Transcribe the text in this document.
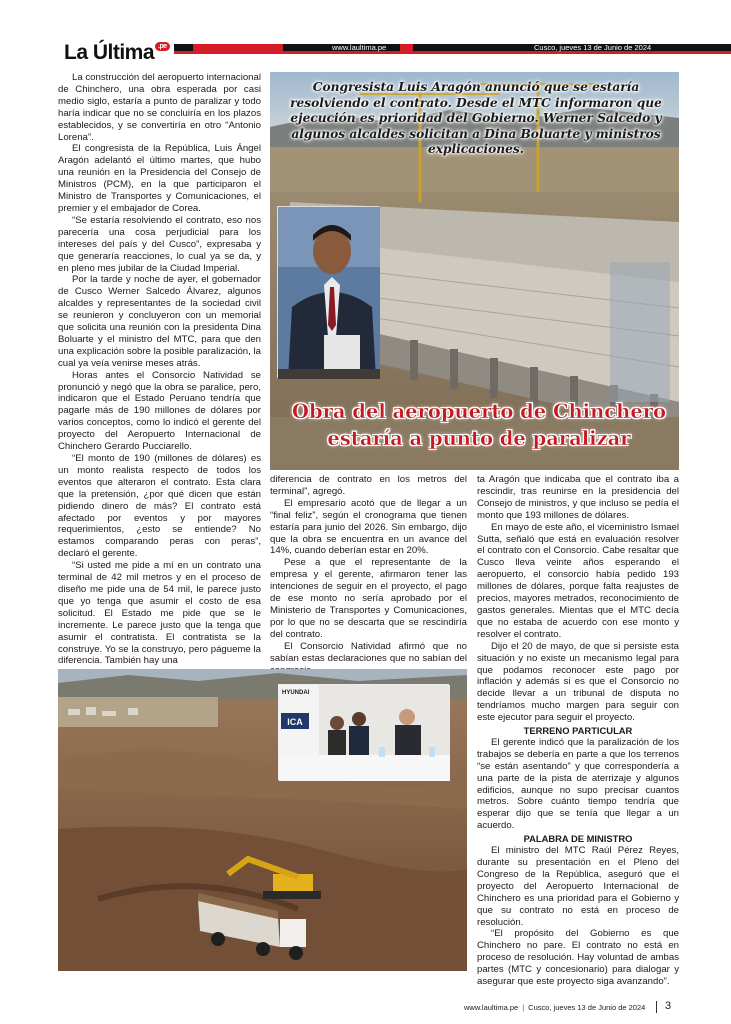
La Última .pe	www.laultima.pe	Cusco, jueves 13 de Junio de 2024

La construcción del aeropuerto internacional de Chinchero, una obra esperada por casi medio siglo, estaría a punto de paralizar y todo haría indicar que no se concluiría en los plazos establecidos, y se convertiría en otro “Antonio Lorena”.

El congresista de la República, Luis Ángel Aragón adelantó el último martes, que hubo una reunión en la Presidencia del Consejo de Ministros (PCM), en la que participaron el Ministro de Transportes y Comunicaciones, el premier y el embajador de Corea.

“Se estaría resolviendo el contrato, eso nos parecería una cosa perjudicial para los intereses del país y del Cusco”, expresaba y que generaría reacciones, lo cual ya se da, y en pleno mes jubilar de la Ciudad Imperial.

Por la tarde y noche de ayer, el gobernador de Cusco Werner Salcedo Álvarez, algunos alcaldes y representantes de la sociedad civil se reunieron y concluyeron con un memorial que solicita una reunión con la presidenta Dina Boluarte y el ministro del MTC, para que den una explicación sobre la posible paralización, la cual ya veía venirse meses atrás.

Horas antes el Consorcio Natividad se pronunció y negó que la obra se paralice, pero, indicaron que el Estado Peruano tendría que pagarle más de 190 millones de dólares por varios conceptos, como lo indicó el gerente del proyecto del Aeropuerto Internacional de Chinchero Gerardo Pucciarello.

“El monto de 190 (millones de dólares) es un monto realista respecto de todos los eventos que alteraron el contrato. Esta clara que la pretensión, ¿por qué dicen que están pidiendo dinero de más? El contrato está afectado por eventos y por mayores requerimientos, ¿esto se entiende? No estamos comparando peras con peras”, declaró el gerente.

“Si usted me pide a mí en un contrato una terminal de 42 mil metros y en el proceso de diseño me pide una de 54 mil, le parece justo que yo tenga que asumir el costo de esa solicitud. El Estado me pide que se le incremente. Le parece justo que la tenga que asumir el contratista. El contratista se la construye. Yo se la construyo, pero págueme la diferencia. También hay una

Congresista Luis Aragón anunció que se estaría resolviendo el contrato. Desde el MTC informaron que ejecución es prioridad del Gobierno. Werner Salcedo y algunos alcaldes solicitan a Dina Boluarte y ministros explicaciones.
Obra del aeropuerto de Chinchero
estaría a punto de paralizar

diferencia de contrato en los metros del terminal”, agregó.

El empresario acotó que de llegar a un “final feliz”, según el cronograma que tienen estaría para junio del 2026. Sin embargo, dijo que la obra se encuentra en un avance del 14%, cuando deberían estar en 20%.

Pese a que el representante de la empresa y el gerente, afirmaron tener las intenciones de seguir en el proyecto, el pago de ese monto no sería aprobado por el Ministerio de Transportes y Comunicaciones, por lo que no se descarta que se rescindiría del contrato.

El Consorcio Natividad afirmó que no sabían estas declaraciones que no sabían del

ta Aragón que indicaba que el contrato iba a rescindir, tras reunirse en la presidencia del Consejo de ministros, y que incluso se pedía el monto que 193 millones de dólares.

En mayo de este año, el viceministro Ismael Sutta, señaló que está en evaluación resolver el contrato con el Consorcio. Cabe resaltar que Cusco lleva veinte años esperando el aeropuerto, el consorcio había pedido 193 millones de dólares, porque falta reajustes de precios, mayores metrados, reconocimiento de gastos generales. Mientas que el MTC decía que no estaba de acuerdo con ese monto y resolver el contrato.

Dijo el 20 de mayo, de que si persiste esta situación y no existe un mecanismo legal para que podamos reconocer este pago por inflación y además si es que el Consorcio no decide llevar a un tribunal de disputa no tendríamos mucho margen para seguir con este ejecutor para seguir el proyecto.

TERRENO PARTICULAR

El gerente indicó que la paralización de los trabajos se debería en parte a que los terrenos “se están asentando” y que correspondería a una parte de la pista de aterrizaje y algunos edificios, aunque no supo precisar cuantos metros. Sobre cuánto tiempo tendría que esperar dijo que se tenía que llegar a un acuerdo.

PALABRA DE MINISTRO

El ministro del MTC Raúl Pérez Reyes, durante su presentación en el Pleno del Congreso de la República, aseguró que el proyecto del Aeropuerto Internacional de Chinchero es una prioridad para el Gobierno y que su contrato no está en proceso de resolución.

“El propósito del Gobierno es que Chinchero no pare. El contrato no está en proceso de resolución. Hay voluntad de ambas partes (MTC y concesionario) para dialogar y asegurar que este proyecto siga avanzando”.

ICA
HYUNDAI
www.laultima.pe | Cusco, jueves 13 de Junio de 2024 3
